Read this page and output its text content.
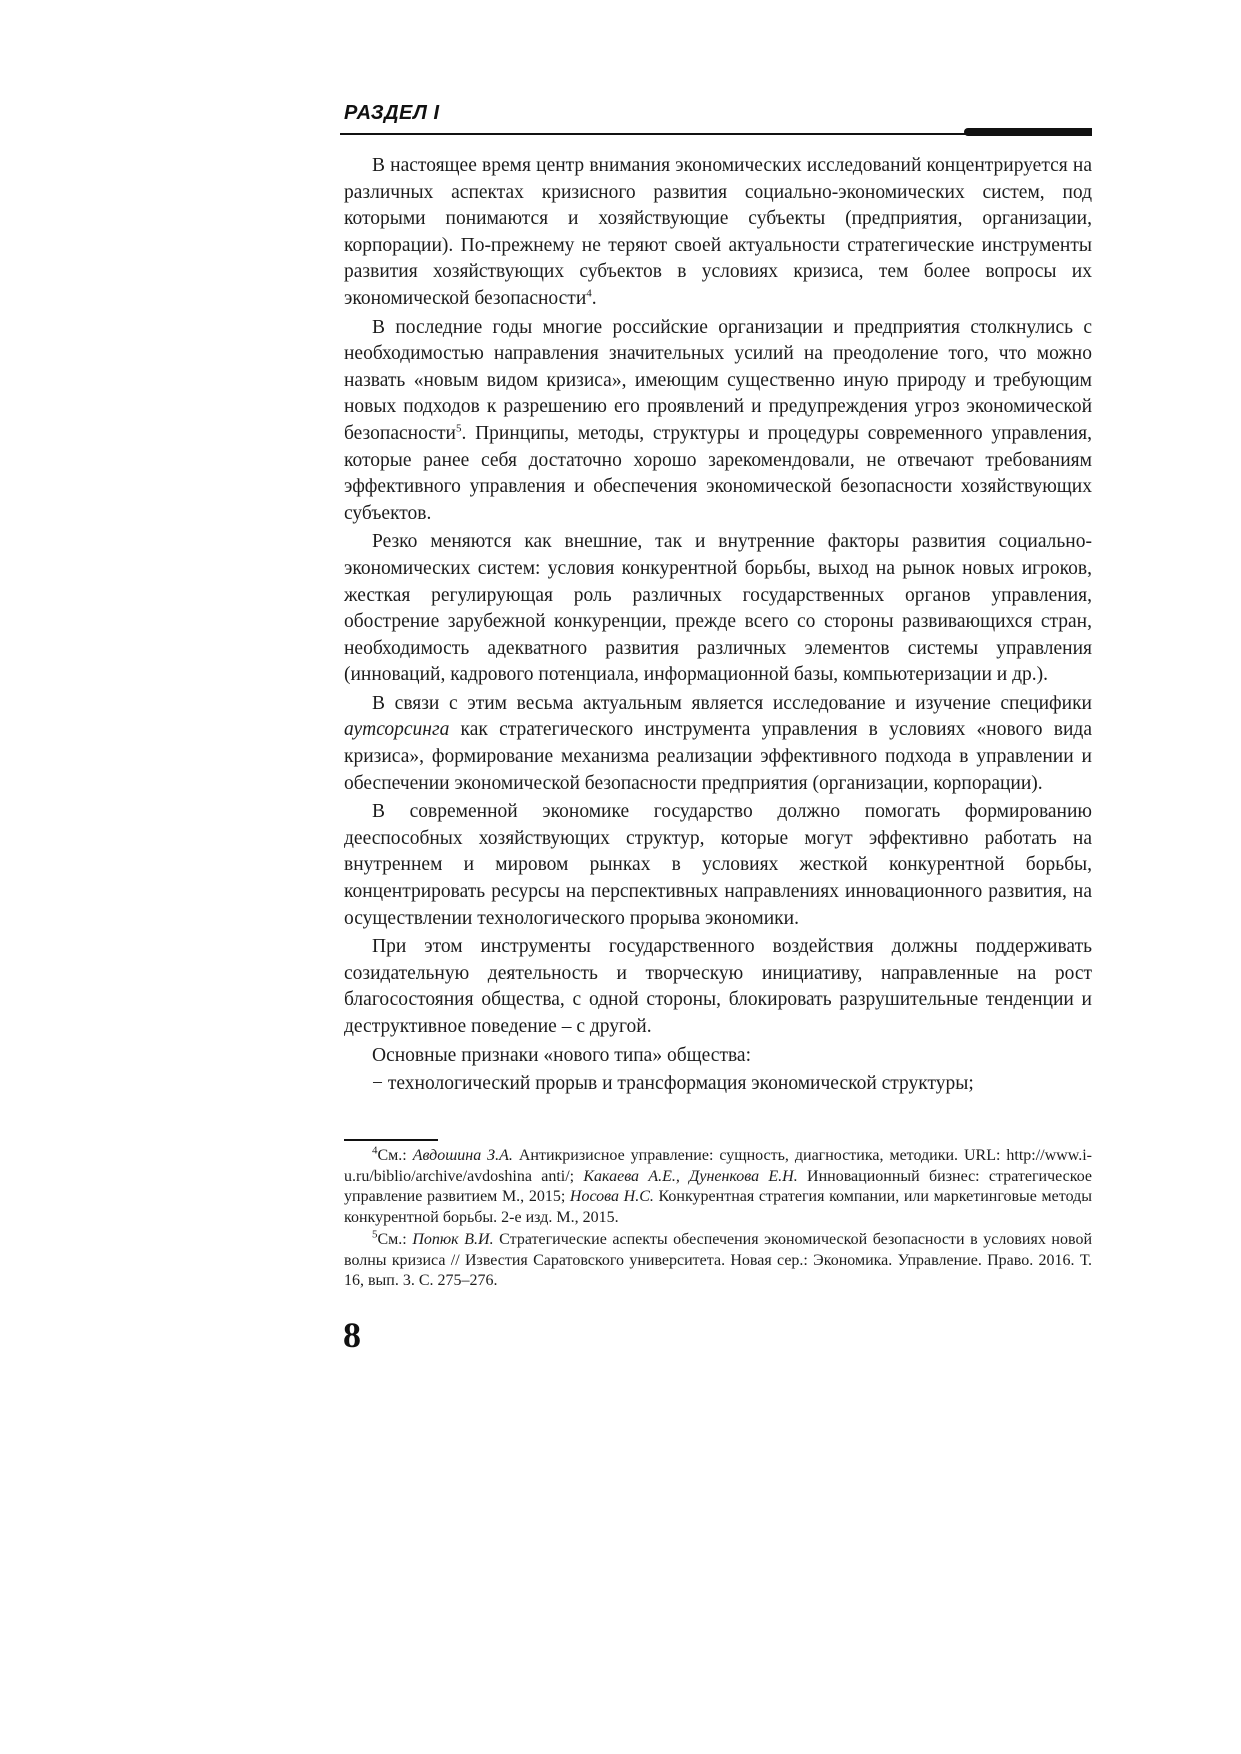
РАЗДЕЛ I

В настоящее время центр внимания экономических исследований концентрируется на различных аспектах кризисного развития социально-экономических систем, под которыми понимаются и хозяйствующие субъекты (предприятия, организации, корпорации). По-прежнему не теряют своей актуальности стратегические инструменты развития хозяйствующих субъектов в условиях кризиса, тем более вопросы их экономической безопасности$^4$.

В последние годы многие российские организации и предприятия столкнулись с необходимостью направления значительных усилий на преодоление того, что можно назвать «новым видом кризиса», имеющим существенно иную природу и требующим новых подходов к разрешению его проявлений и предупреждения угроз экономической безопасности$^5$. Принципы, методы, структуры и процедуры современного управления, которые ранее себя достаточно хорошо зарекомендовали, не отвечают требованиям эффективного управления и обеспечения экономической безопасности хозяйствующих субъектов.

Резко меняются как внешние, так и внутренние факторы развития социально-экономических систем: условия конкурентной борьбы, выход на рынок новых игроков, жесткая регулирующая роль различных государственных органов управления, обострение зарубежной конкуренции, прежде всего со стороны развивающихся стран, необходимость адекватного развития различных элементов системы управления (инноваций, кадрового потенциала, информационной базы, компьютеризации и др.).

В связи с этим весьма актуальным является исследование и изучение специфики аутсорсинга как стратегического инструмента управления в условиях «нового вида кризиса», формирование механизма реализации эффективного подхода в управлении и обеспечении экономической безопасности предприятия (организации, корпорации).

В современной экономике государство должно помогать формированию дееспособных хозяйствующих структур, которые могут эффективно работать на внутреннем и мировом рынках в условиях жесткой конкурентной борьбы, концентрировать ресурсы на перспективных направлениях инновационного развития, на осуществлении технологического прорыва экономики.

При этом инструменты государственного воздействия должны поддерживать созидательную деятельность и творческую инициативу, направленные на рост благосостояния общества, с одной стороны, блокировать разрушительные тенденции и деструктивное поведение – с другой.

Основные признаки «нового типа» общества:

− технологический прорыв и трансформация экономической структуры;

$^4$См.: Авдошина З.А. Антикризисное управление: сущность, диагностика, методики. URL: http://www.i-u.ru/biblio/archive/avdoshina anti/; Какаева А.Е., Дуненкова Е.Н. Инновационный бизнес: стратегическое управление развитием М., 2015; Носова Н.С. Конкурентная стратегия компании, или маркетинговые методы конкурентной борьбы. 2-е изд. М., 2015.

$^5$См.: Попюк В.И. Стратегические аспекты обеспечения экономической безопасности в условиях новой волны кризиса // Известия Саратовского университета. Новая сер.: Экономика. Управление. Право. 2016. Т. 16, вып. 3. С. 275–276.

8
